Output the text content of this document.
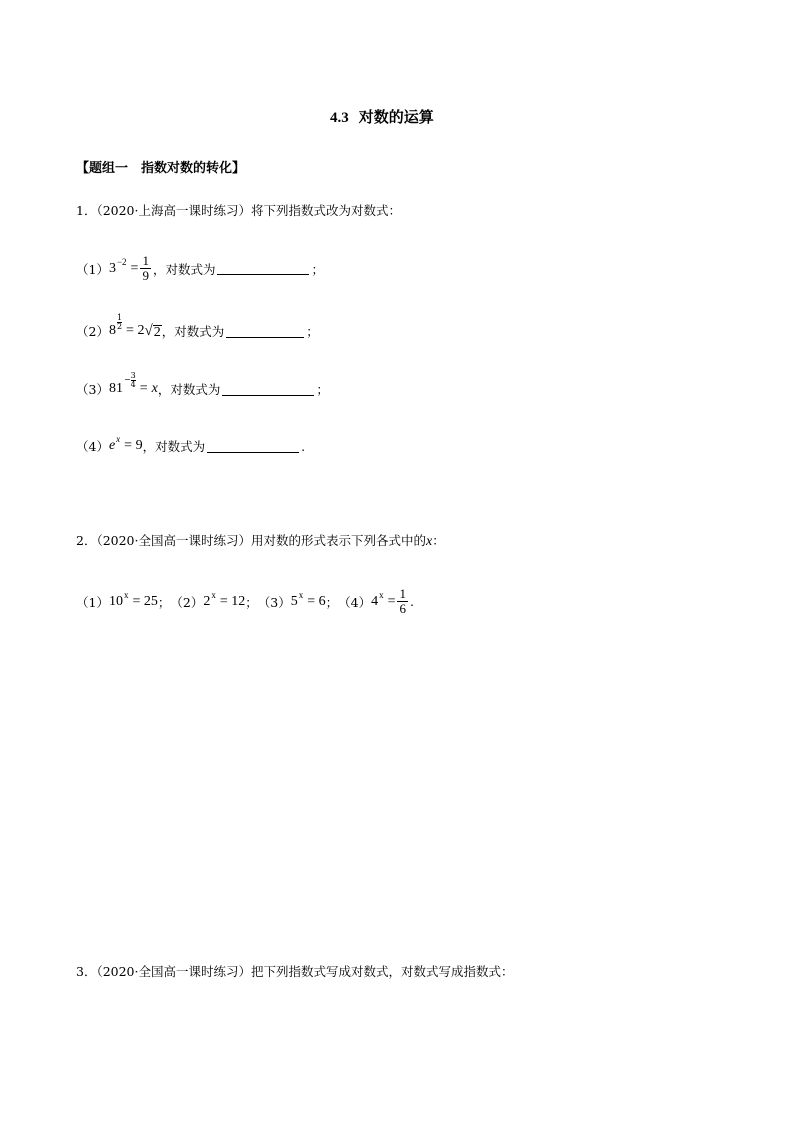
4.3 对数的运算
【题组一　指数对数的转化】
1．（2020·上海高一课时练习）将下列指数式改为对数式：
（1） $3 -2 = \frac{1}{9}$ ，对数式为	；
（2） $8 \frac{1}{2} = 2$ √ 2 ，对数式为	；
（3） 81
− $\frac{3}{4} = x$ ，对数式为	；
（4） e x = 9 ，对数式为	.
2．（2020·全国高一课时练习）用对数的形式表示下列各式中的x：
（1） 10 x = 25 ； （2） 2 x = 12 ； （3） 5 x = 6 ； （4） 4 $x = \frac{1}{6}$ .
3．（2020·全国高一课时练习）把下列指数式写成对数式，对数式写成指数式：
